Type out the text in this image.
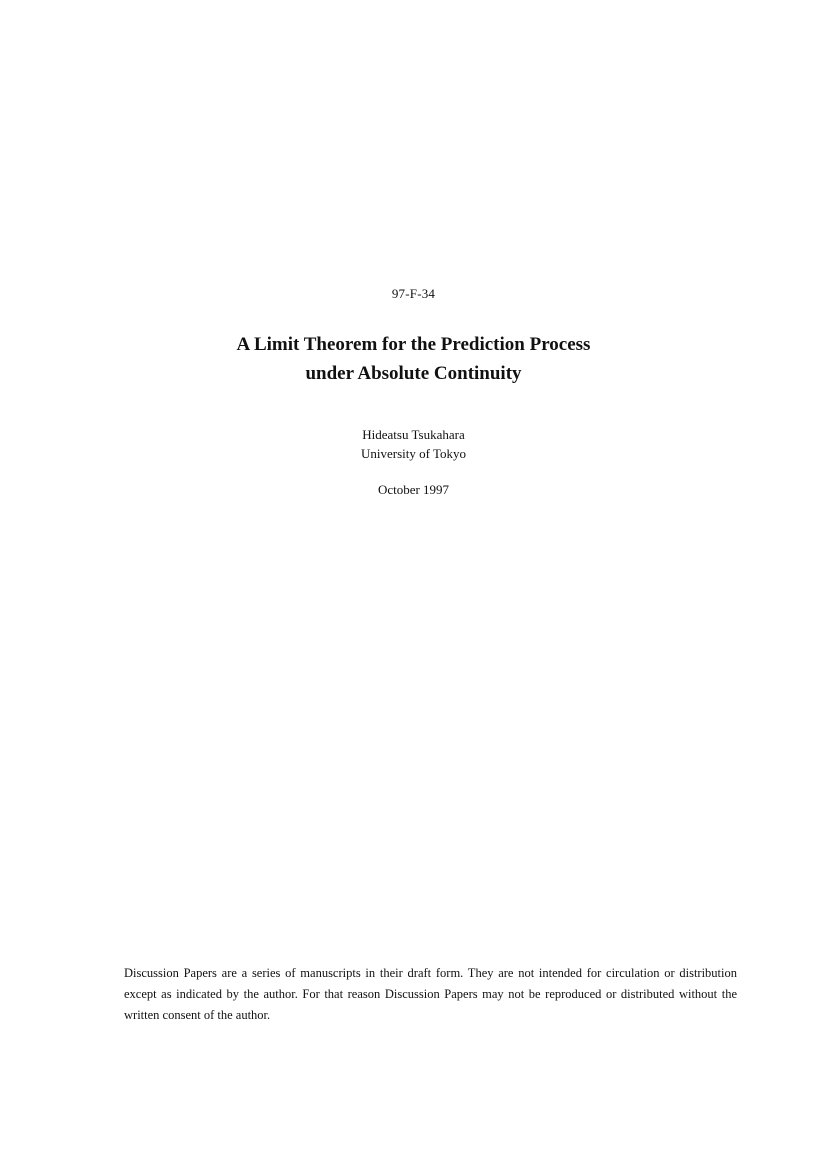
97-F-34
A Limit Theorem for the Prediction Process
under Absolute Continuity
Hideatsu Tsukahara
University of Tokyo
October 1997
Discussion Papers are a series of manuscripts in their draft form. They are not intended for circulation or distribution except as indicated by the author. For that reason Discussion Papers may not be reproduced or distributed without the written consent of the author.
